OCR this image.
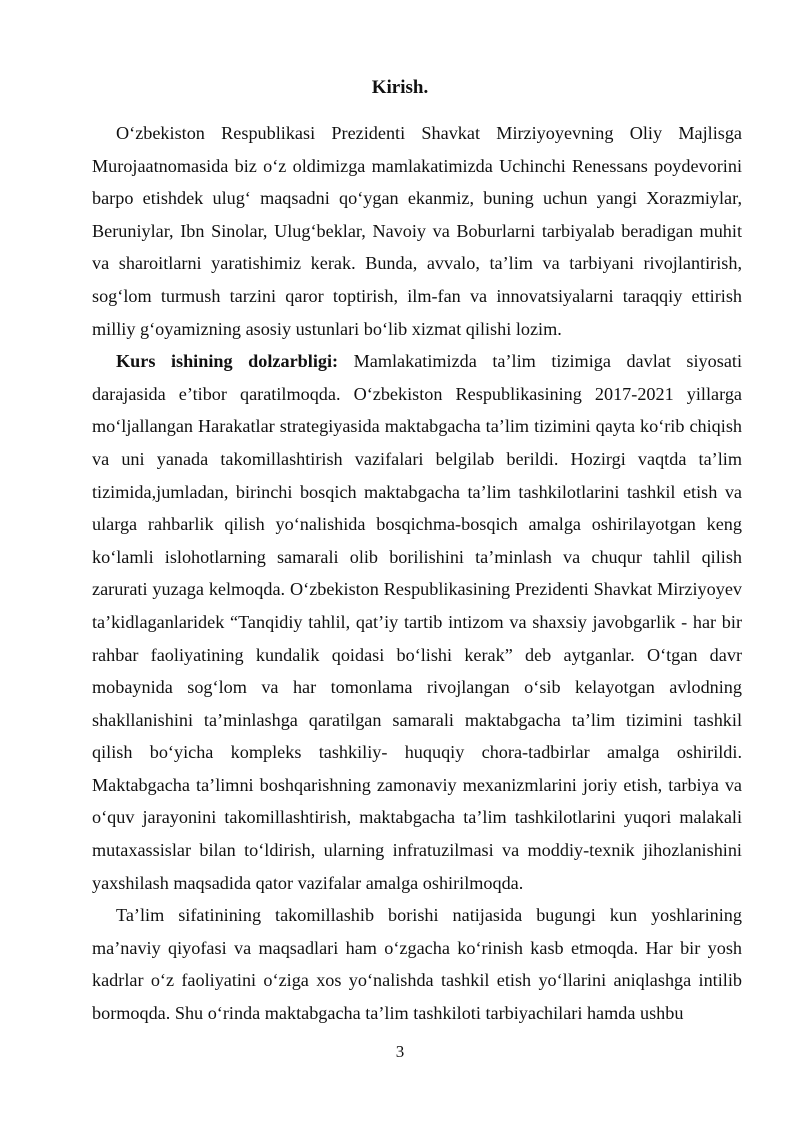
Kirish.

O‘zbekiston Respublikasi Prezidenti Shavkat Mirziyoyevning Oliy Majlisga Murojaatnomasida biz o‘z oldimizga mamlakatimizda Uchinchi Renessans poydevorini barpo etishdek ulug‘ maqsadni qo‘ygan ekanmiz, buning uchun yangi Xorazmiylar, Beruniylar, Ibn Sinolar, Ulug‘beklar, Navoiy va Boburlarni tarbiyalab beradigan muhit va sharoitlarni yaratishimiz kerak. Bunda, avvalo, ta’lim va tarbiyani rivojlantirish, sog‘lom turmush tarzini qaror toptirish, ilm-fan va innovatsiyalarni taraqqiy ettirish milliy g‘oyamizning asosiy ustunlari bo‘lib xizmat qilishi lozim.

Kurs ishining dolzarbligi: Mamlakatimizda ta’lim tizimiga davlat siyosati darajasida e’tibor qaratilmoqda. O‘zbekiston Respublikasining 2017-2021 yillarga mo‘ljallangan Harakatlar strategiyasida maktabgacha ta’lim tizimini qayta ko‘rib chiqish va uni yanada takomillashtirish vazifalari belgilab berildi. Hozirgi vaqtda ta’lim tizimida,jumladan, birinchi bosqich maktabgacha ta’lim tashkilotlarini tashkil etish va ularga rahbarlik qilish yo‘nalishida bosqichma-bosqich amalga oshirilayotgan keng ko‘lamli islohotlarning samarali olib borilishini ta’minlash va chuqur tahlil qilish zarurati yuzaga kelmoqda. O‘zbekiston Respublikasining Prezidenti Shavkat Mirziyoyev ta’kidlaganlaridek “Tanqidiy tahlil, qat’iy tartib intizom va shaxsiy javobgarlik - har bir rahbar faoliyatining kundalik qoidasi bo‘lishi kerak” deb aytganlar. O‘tgan davr mobaynida sog‘lom va har tomonlama rivojlangan o‘sib kelayotgan avlodning shakllanishini ta’minlashga qaratilgan samarali maktabgacha ta’lim tizimini tashkil qilish bo‘yicha kompleks tashkiliy- huquqiy chora-tadbirlar amalga oshirildi. Maktabgacha ta’limni boshqarishning zamonaviy mexanizmlarini joriy etish, tarbiya va o‘quv jarayonini takomillashtirish, maktabgacha ta’lim tashkilotlarini yuqori malakali mutaxassislar bilan to‘ldirish, ularning infratuzilmasi va moddiy-texnik jihozlanishini yaxshilash maqsadida qator vazifalar amalga oshirilmoqda.

Ta’lim sifatinining takomillashib borishi natijasida bugungi kun yoshlarining ma’naviy qiyofasi va maqsadlari ham o‘zgacha ko‘rinish kasb etmoqda. Har bir yosh kadrlar o‘z faoliyatini o‘ziga xos yo‘nalishda tashkil etish yo‘llarini aniqlashga intilib bormoqda. Shu o‘rinda maktabgacha ta’lim tashkiloti tarbiyachilari hamda ushbu

3
